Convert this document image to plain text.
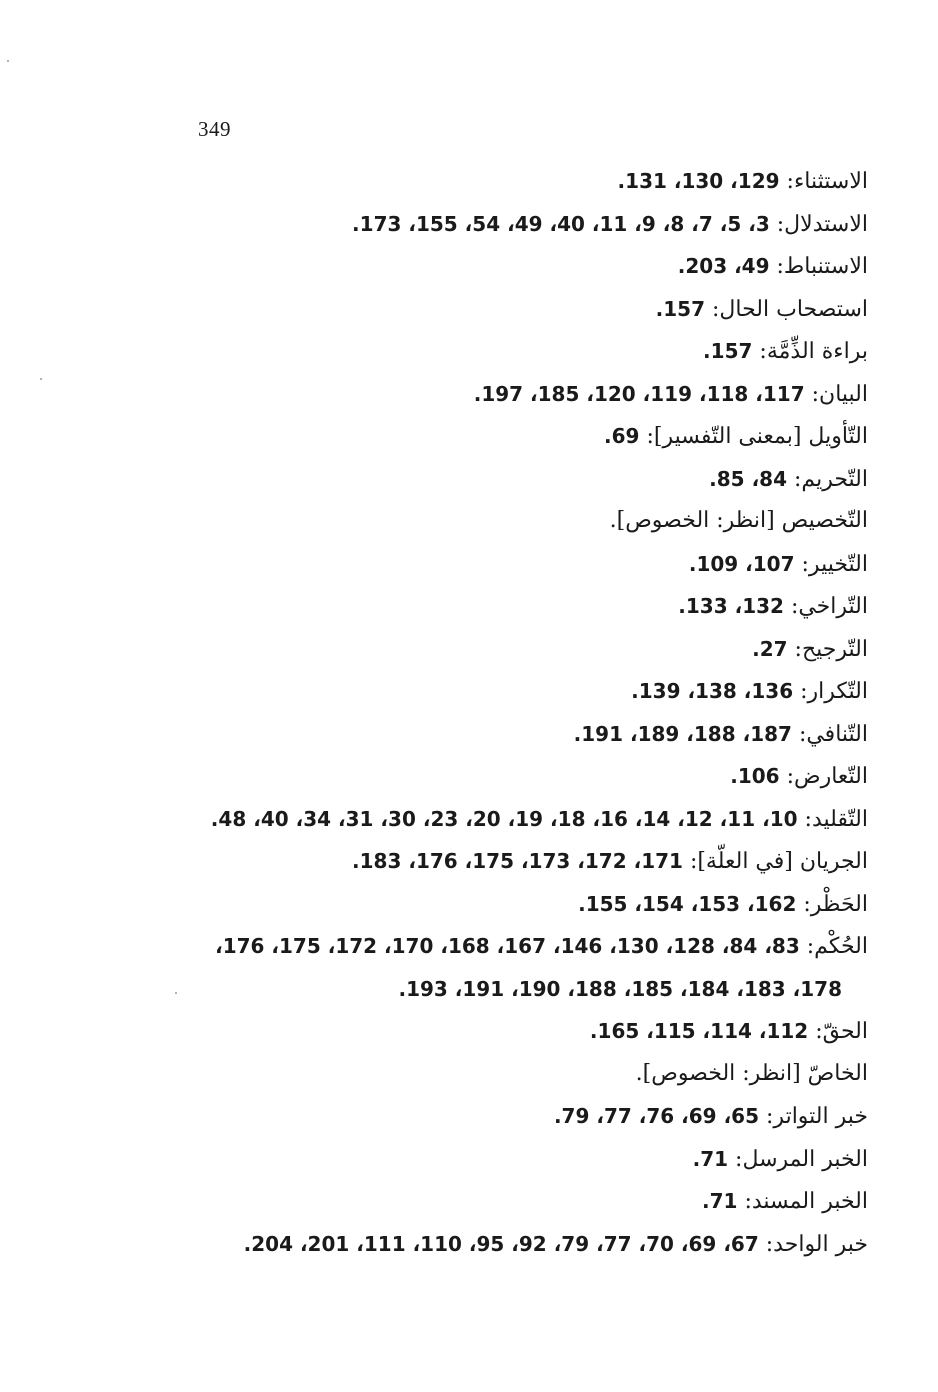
349
الاستثناء: 129، 130، 131.
الاستدلال: 3، 5، 7، 8، 9، 11، 40، 49، 54، 155، 173.
الاستنباط: 49، 203.
استصحاب الحال: 157.
براءة الذِّمَّة: 157.
البيان: 117، 118، 119، 120، 185، 197.
التّأويل [بمعنى التّفسير]: 69.
التّحريم: 84، 85.
التّخصيص [انظر: الخصوص].
التّخيير: 107، 109.
التّراخي: 132، 133.
التّرجيح: 27.
التّكرار: 136، 138، 139.
التّنافي: 187، 188، 189، 191.
التّعارض: 106.
التّقليد: 10، 11، 12، 14، 16، 18، 19، 20، 23، 30، 31، 34، 40، 48.
الجريان [في العلّة]: 171، 172، 173، 175، 176، 183.
الحَظْر: 162، 153، 154، 155.
الحُكْم: 83، 84، 128، 130، 146، 167، 168، 170، 172، 175، 176،
178، 183، 184، 185، 188، 190، 191، 193.
الحقّ: 112، 114، 115، 165.
الخاصّ [انظر: الخصوص].
خبر التواتر: 65، 69، 76، 77، 79.
الخبر المرسل: 71.
الخبر المسند: 71.
خبر الواحد: 67، 69، 70، 77، 79، 92، 95، 110، 111، 201، 204.
